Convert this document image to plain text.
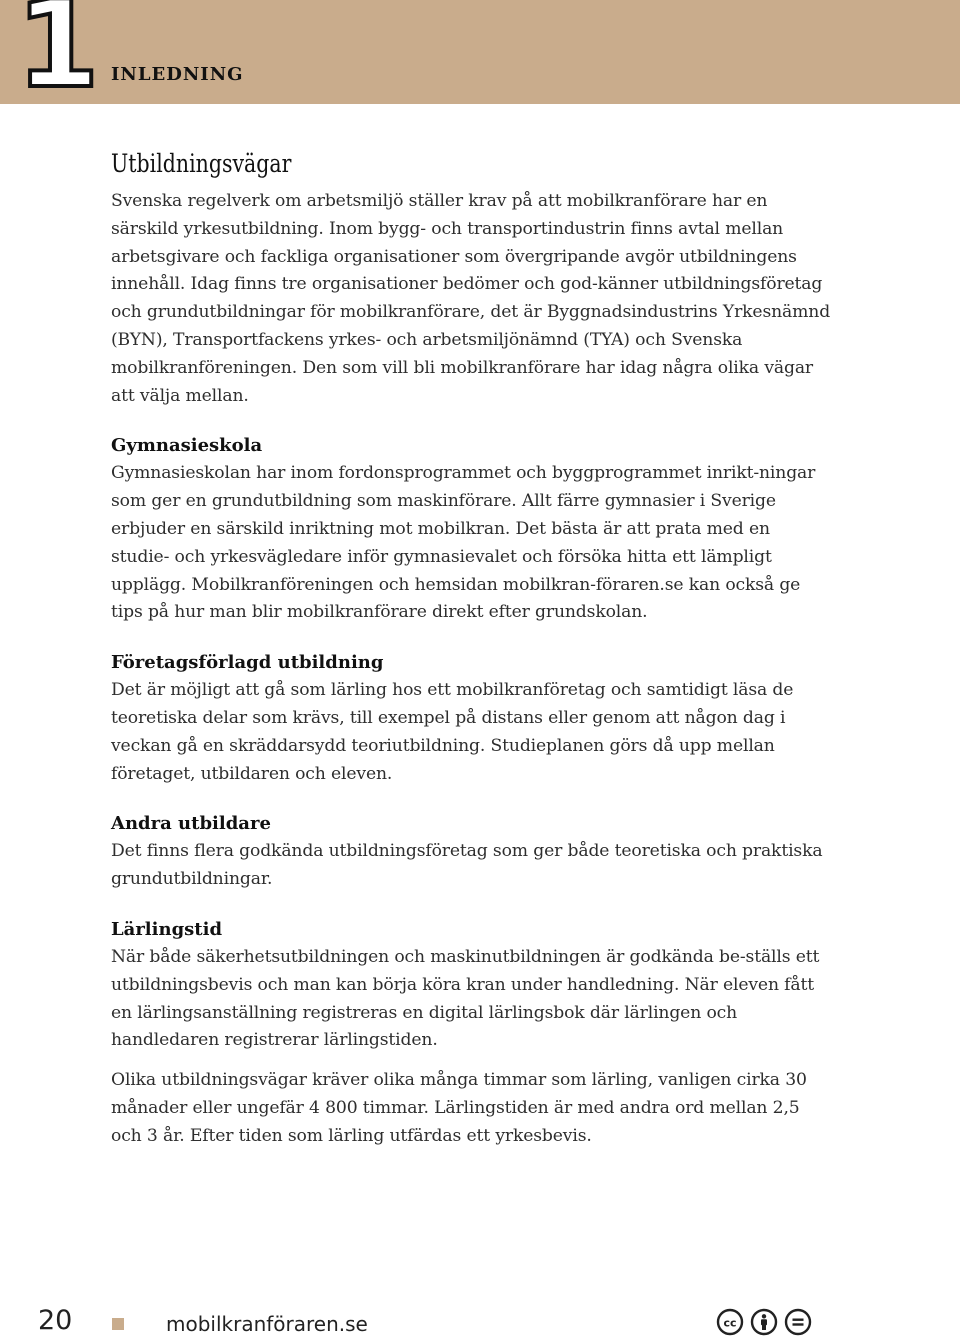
1 INLEDNING
Utbildningsvägar

Svenska regelverk om arbetsmiljö ställer krav på att mobilkranförare har en särskild yrkesutbildning. Inom bygg- och transportindustrin finns avtal mellan arbetsgivare och fackliga organisationer som övergripande avgör utbildningens innehåll. Idag finns tre organisationer bedömer och god-känner utbildningsföretag och grundutbildningar för mobilkranförare, det är Byggnadsindustrins Yrkesnämnd (BYN), Transportfackens yrkes- och arbetsmiljönämnd (TYA) och Svenska mobilkranföreningen. Den som vill bli mobilkranförare har idag några olika vägar att välja mellan.

Gymnasieskola

Gymnasieskolan har inom fordonsprogrammet och byggprogrammet inrikt-ningar som ger en grundutbildning som maskinförare. Allt färre gymnasier i Sverige erbjuder en särskild inriktning mot mobilkran. Det bästa är att prata med en studie- och yrkesvägledare inför gymnasievalet och försöka hitta ett lämpligt upplägg. Mobilkranföreningen och hemsidan mobilkran-föraren.se kan också ge tips på hur man blir mobilkranförare direkt efter grundskolan.

Företagsförlagd utbildning

Det är möjligt att gå som lärling hos ett mobilkranföretag och samtidigt läsa de teoretiska delar som krävs, till exempel på distans eller genom att någon dag i veckan gå en skräddarsydd teoriutbildning. Studieplanen görs då upp mellan företaget, utbildaren och eleven.

Andra utbildare

Det finns flera godkända utbildningsföretag som ger både teoretiska och praktiska grundutbildningar.

Lärlingstid

När både säkerhetsutbildningen och maskinutbildningen är godkända be-ställs ett utbildningsbevis och man kan börja köra kran under handledning. När eleven fått en lärlingsanställning registreras en digital lärlingsbok där lärlingen och handledaren registrerar lärlingstiden.

Olika utbildningsvägar kräver olika många timmar som lärling, vanligen cirka 30 månader eller ungefär 4 800 timmar. Lärlingstiden är med andra ord mellan 2,5 och 3 år. Efter tiden som lärling utfärdas ett yrkesbevis.

20	mobilkranföraren.se	cc
